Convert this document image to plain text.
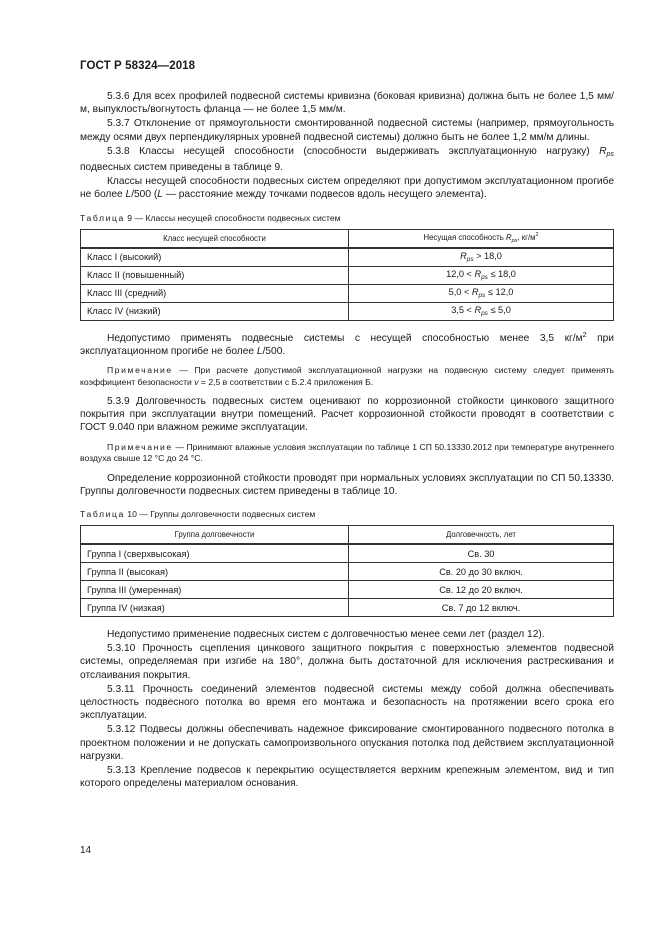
ГОСТ Р 58324—2018

5.3.6 Для всех профилей подвесной системы кривизна (боковая кривизна) должна быть не более 1,5 мм/м, выпуклость/вогнутость фланца — не более 1,5 мм/м.

5.3.7 Отклонение от прямоугольности смонтированной подвесной системы (например, прямоугольность между осями двух перпендикулярных уровней подвесной системы) должно быть не более 1,2 мм/м длины.

5.3.8 Классы несущей способности (способности выдерживать эксплуатационную нагрузку) $R_{ps}$ подвесных систем приведены в таблице 9.

Классы несущей способности подвесных систем определяют при допустимом эксплуатационном прогибе не более L/500 (L — расстояние между точками подвесов вдоль несущего элемента).

Таблица 9 — Классы несущей способности подвесных систем
Класс несущей способности	Несущая способность $R_{ps}$, $кг/м^2$
Класс I (высокий)	$R_{ps} > 18,0$
Класс II (повышенный)	$12,0 < R_{ps} \le 18,0$
Класс III (средний)	$5,0 < R_{ps} \le 12,0$
Класс IV (низкий)	$3,5 < R_{ps} \le 5,0$

Недопустимо применять подвесные системы с несущей способностью менее 3,5 $кг/м^2$ при эксплуатационном прогибе не более L/500.

Примечание — При расчете допустимой эксплуатационной нагрузки на подвесную систему следует применять коэффициент безопасности v = 2,5 в соответствии с Б.2.4 приложения Б.

5.3.9 Долговечность подвесных систем оценивают по коррозионной стойкости цинкового защитного покрытия при эксплуатации внутри помещений. Расчет коррозионной стойкости проводят в соответствии с ГОСТ 9.040 при влажном режиме эксплуатации.

Примечание — Принимают влажные условия эксплуатации по таблице 1 СП 50.13330.2012 при температуре внутреннего воздуха свыше 12 °С до 24 °С.

Определение коррозионной стойкости проводят при нормальных условиях эксплуатации по СП 50.13330. Группы долговечности подвесных систем приведены в таблице 10.

Таблица 10 — Группы долговечности подвесных систем
Группа долговечности	Долговечность, лет
Группа I (сверхвысокая)	Св. 30
Группа II (высокая)	Св. 20 до 30 включ.
Группа III (умеренная)	Св. 12 до 20 включ.
Группа IV (низкая)	Св. 7 до 12 включ.

Недопустимо применение подвесных систем с долговечностью менее семи лет (раздел 12).

5.3.10 Прочность сцепления цинкового защитного покрытия с поверхностью элементов подвесной системы, определяемая при изгибе на 180°, должна быть достаточной для исключения растрескивания и отслаивания покрытия.

5.3.11 Прочность соединений элементов подвесной системы между собой должна обеспечивать целостность подвесного потолка во время его монтажа и безопасность на протяжении всего срока его эксплуатации.

5.3.12 Подвесы должны обеспечивать надежное фиксирование смонтированного подвесного потолка в проектном положении и не допускать самопроизвольного опускания потолка под действием эксплуатационной нагрузки.

5.3.13 Крепление подвесов к перекрытию осуществляется верхним крепежным элементом, вид и тип которого определены материалом основания.

14
